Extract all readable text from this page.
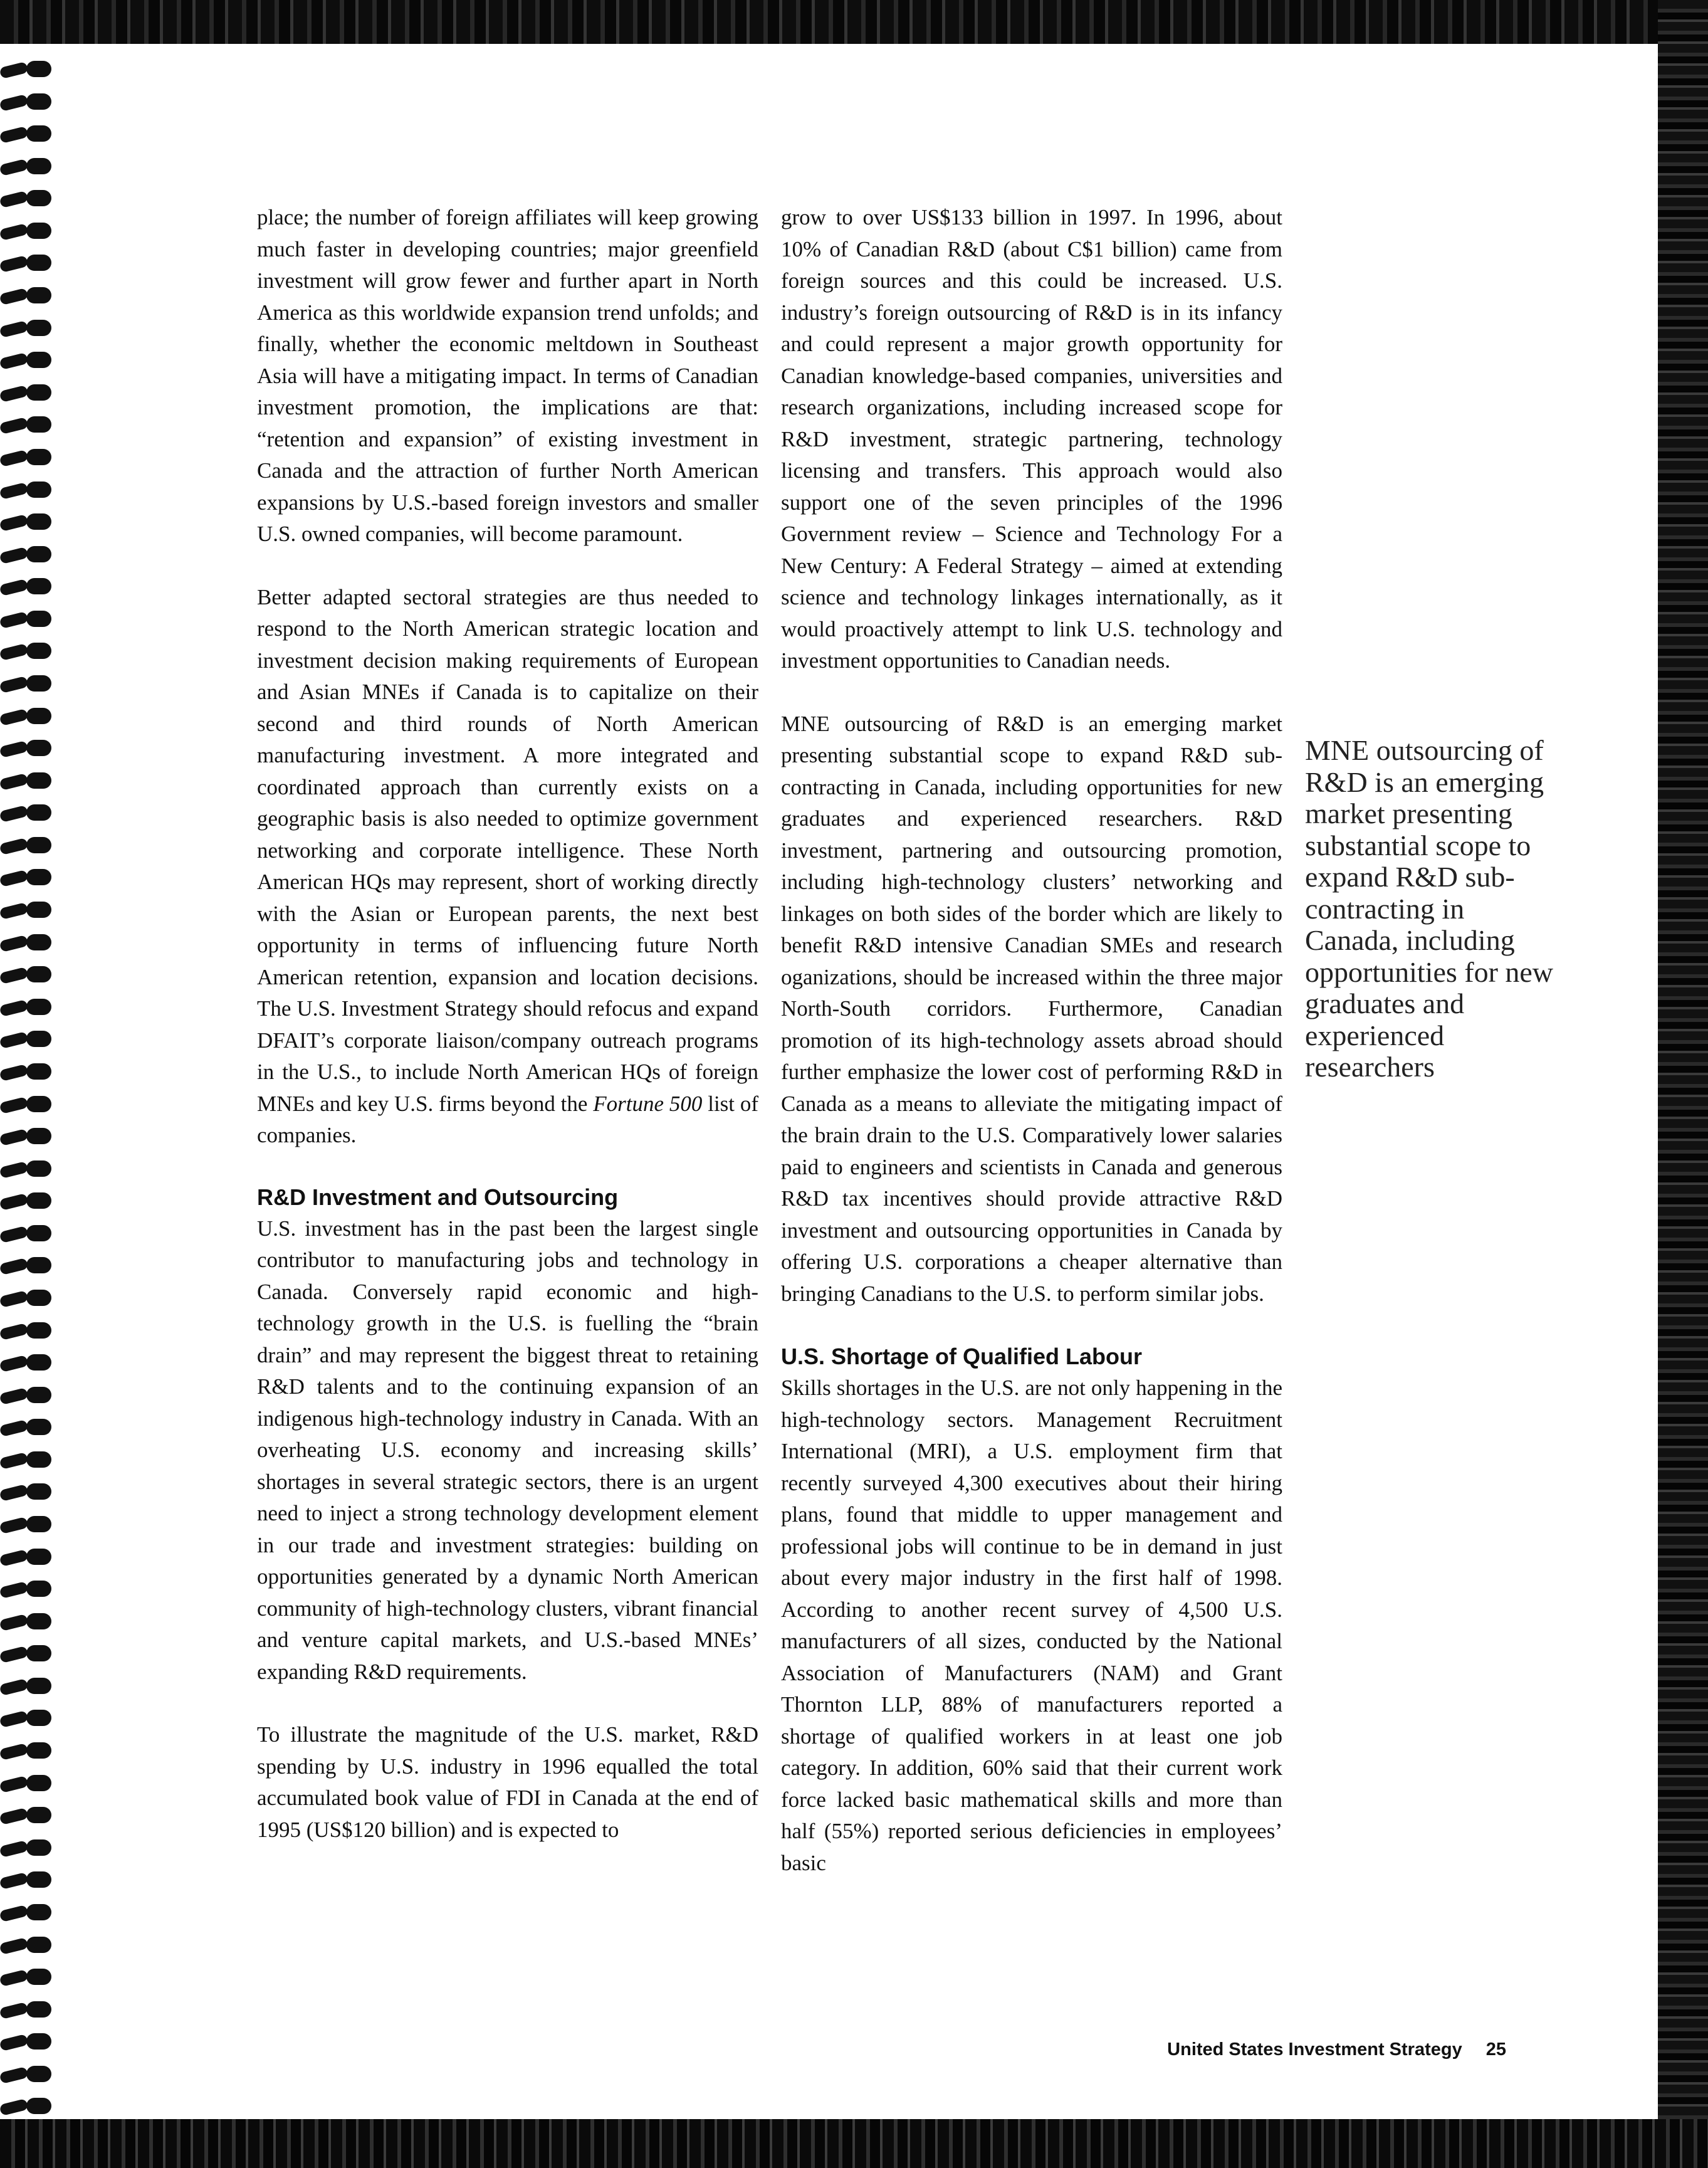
place; the number of foreign affiliates will keep growing much faster in developing countries; major greenfield investment will grow fewer and further apart in North America as this worldwide expansion trend unfolds; and finally, whether the economic meltdown in Southeast Asia will have a mitigating impact. In terms of Canadian investment promotion, the implications are that: “retention and expansion” of existing investment in Canada and the attraction of further North American expansions by U.S.-based foreign investors and smaller U.S. owned companies, will become paramount.

Better adapted sectoral strategies are thus needed to respond to the North American strategic location and investment decision making requirements of European and Asian MNEs if Canada is to capitalize on their second and third rounds of North American manufacturing investment. A more integrated and coordinated approach than currently exists on a geographic basis is also needed to optimize government networking and corporate intelligence. These North American HQs may represent, short of working directly with the Asian or European parents, the next best opportunity in terms of influencing future North American retention, expansion and location decisions. The U.S. Investment Strategy should refocus and expand DFAIT’s corporate liaison/company outreach programs in the U.S., to include North American HQs of foreign MNEs and key U.S. firms beyond the Fortune 500 list of companies.

R&D Investment and Outsourcing

U.S. investment has in the past been the largest single contributor to manufacturing jobs and technology in Canada. Conversely rapid economic and high-technology growth in the U.S. is fuelling the “brain drain” and may represent the biggest threat to retaining R&D talents and to the continuing expansion of an indigenous high-technology industry in Canada. With an overheating U.S. economy and increasing skills’ shortages in several strategic sectors, there is an urgent need to inject a strong technology development element in our trade and investment strategies: building on opportunities generated by a dynamic North American community of high-technology clusters, vibrant financial and venture capital markets, and U.S.-based MNEs’ expanding R&D requirements.

To illustrate the magnitude of the U.S. market, R&D spending by U.S. industry in 1996 equalled the total accumulated book value of FDI in Canada at the end of 1995 (US$120 billion) and is expected to

grow to over US$133 billion in 1997. In 1996, about 10% of Canadian R&D (about C$1 billion) came from foreign sources and this could be increased. U.S. industry’s foreign outsourcing of R&D is in its infancy and could represent a major growth opportunity for Canadian knowledge-based companies, universities and research organizations, including increased scope for R&D investment, strategic partnering, technology licensing and transfers. This approach would also support one of the seven principles of the 1996 Government review – Science and Technology For a New Century: A Federal Strategy – aimed at extending science and technology linkages internationally, as it would proactively attempt to link U.S. technology and investment opportunities to Canadian needs.

MNE outsourcing of R&D is an emerging market presenting substantial scope to expand R&D sub-contracting in Canada, including opportunities for new graduates and experienced researchers. R&D investment, partnering and outsourcing promotion, including high-technology clusters’ networking and linkages on both sides of the border which are likely to benefit R&D intensive Canadian SMEs and research oganizations, should be increased within the three major North-South corridors. Furthermore, Canadian promotion of its high-technology assets abroad should further emphasize the lower cost of performing R&D in Canada as a means to alleviate the mitigating impact of the brain drain to the U.S. Comparatively lower salaries paid to engineers and scientists in Canada and generous R&D tax incentives should provide attractive R&D investment and outsourcing opportunities in Canada by offering U.S. corporations a cheaper alternative than bringing Canadians to the U.S. to perform similar jobs.

U.S. Shortage of Qualified Labour

Skills shortages in the U.S. are not only happening in the high-technology sectors. Management Recruitment International (MRI), a U.S. employment firm that recently surveyed 4,300 executives about their hiring plans, found that middle to upper management and professional jobs will continue to be in demand in just about every major industry in the first half of 1998. According to another recent survey of 4,500 U.S. manufacturers of all sizes, conducted by the National Association of Manufacturers (NAM) and Grant Thornton LLP, 88% of manufacturers reported a shortage of qualified workers in at least one job category. In addition, 60% said that their current work force lacked basic mathematical skills and more than half (55%) reported serious deficiencies in employees’ basic

MNE outsourcing of R&D is an emerging market presenting substantial scope to expand R&D sub-contracting in Canada, including opportunities for new graduates and experienced researchers
United States Investment Strategy 25
